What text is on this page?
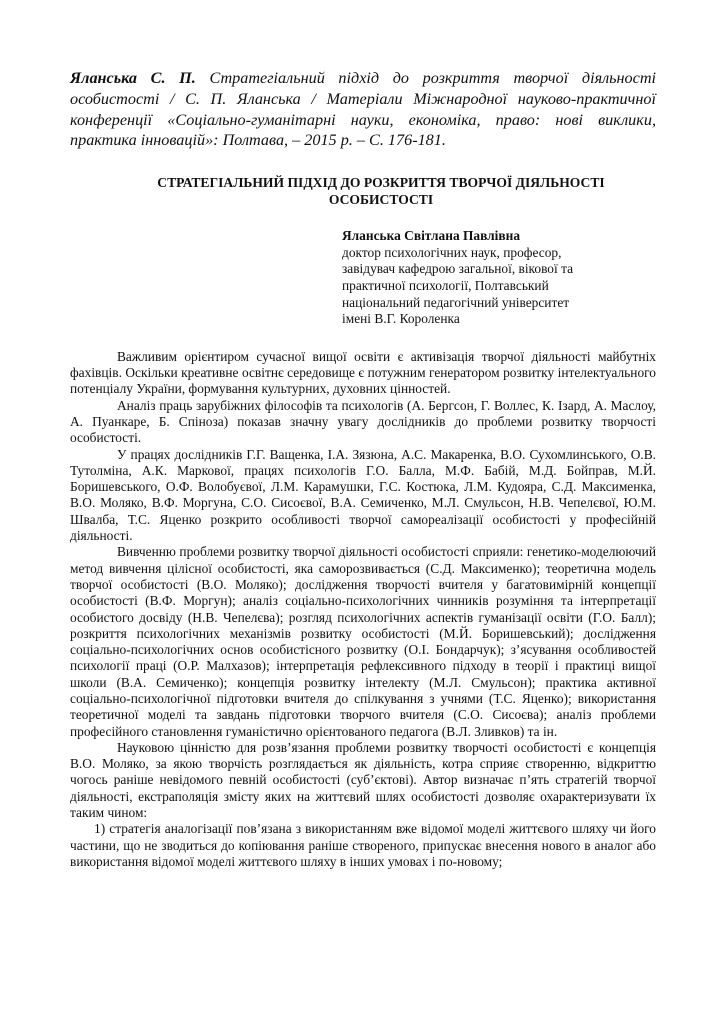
Яланська С. П. Стратегіальний підхід до розкриття творчої діяльності особистості / С. П. Яланська / Матеріали Міжнародної науково-практичної конференції «Соціально-гуманітарні науки, економіка, право: нові виклики, практика інновацій»: Полтава, – 2015 р. – С. 176-181.

СТРАТЕГІАЛЬНИЙ ПІДХІД ДО РОЗКРИТТЯ ТВОРЧОЇ ДІЯЛЬНОСТІ
ОСОБИСТОСТІ
Яланська Світлана Павлівна
доктор психологічних наук, професор,
завідувач кафедрою загальної, вікової та
практичної психології, Полтавський
національний педагогічний університет
імені В.Г. Короленка

Важливим орієнтиром сучасної вищої освіти є активізація творчої діяльності майбутніх фахівців. Оскільки креативне освітнє середовище є потужним генератором розвитку інтелектуального потенціалу України, формування культурних, духовних цінностей.

Аналіз праць зарубіжних філософів та психологів (А. Бергсон, Г. Воллес, К. Ізард, А. Маслоу, А. Пуанкаре, Б. Спіноза) показав значну увагу дослідників до проблеми розвитку творчості особистості.

У працях дослідників Г.Г. Ващенка, І.А. Зязюна, А.С. Макаренка, В.О. Сухомлинського, О.В. Тутолміна, А.К. Маркової, працях психологів Г.О. Балла, М.Ф. Бабій, М.Д. Бойправ, М.Й. Боришевського, О.Ф. Волобуєвої, Л.М. Карамушки, Г.С. Костюка, Л.М. Кудояра, С.Д. Максименка, В.О. Моляко, В.Ф. Моргуна, С.О. Сисоєвої, В.А. Семиченко, М.Л. Смульсон, Н.В. Чепелєвої, Ю.М. Швалба, Т.С. Яценко розкрито особливості творчої самореалізації особистості у професійній діяльності.

Вивченню проблеми розвитку творчої діяльності особистості сприяли: генетико-моделюючий метод вивчення цілісної особистості, яка саморозвивається (С.Д. Максименко); теоретична модель творчої особистості (В.О. Моляко); дослідження творчості вчителя у багатовимірній концепції особистості (В.Ф. Моргун); аналіз соціально-психологічних чинників розуміння та інтерпретації особистого досвіду (Н.В. Чепелєва); розгляд психологічних аспектів гуманізації освіти (Г.О. Балл); розкриття психологічних механізмів розвитку особистості (М.Й. Боришевський); дослідження соціально-психологічних основ особистісного розвитку (О.І. Бондарчук); з’ясування особливостей психології праці (О.Р. Малхазов); інтерпретація рефлексивного підходу в теорії і практиці вищої школи (В.А. Семиченко); концепція розвитку інтелекту (М.Л. Смульсон); практика активної соціально-психологічної підготовки вчителя до спілкування з учнями (Т.С. Яценко); використання теоретичної моделі та завдань підготовки творчого вчителя (С.О. Сисоєва); аналіз проблеми професійного становлення гуманістично орієнтованого педагога (В.Л. Зливков) та ін.

Науковою цінністю для розв’язання проблеми розвитку творчості особистості є концепція В.О. Моляко, за якою творчість розглядається як діяльність, котра сприяє створенню, відкриттю чогось раніше невідомого певній особистості (суб’єктові). Автор визначає п’ять стратегій творчої діяльності, екстраполяція змісту яких на життєвий шлях особистості дозволяє охарактеризувати їх таким чином:

1) стратегія аналогізації пов’язана з використанням вже відомої моделі життєвого шляху чи його частини, що не зводиться до копіювання раніше створеного, припускає внесення нового в аналог або використання відомої моделі життєвого шляху в інших умовах і по-новому;
